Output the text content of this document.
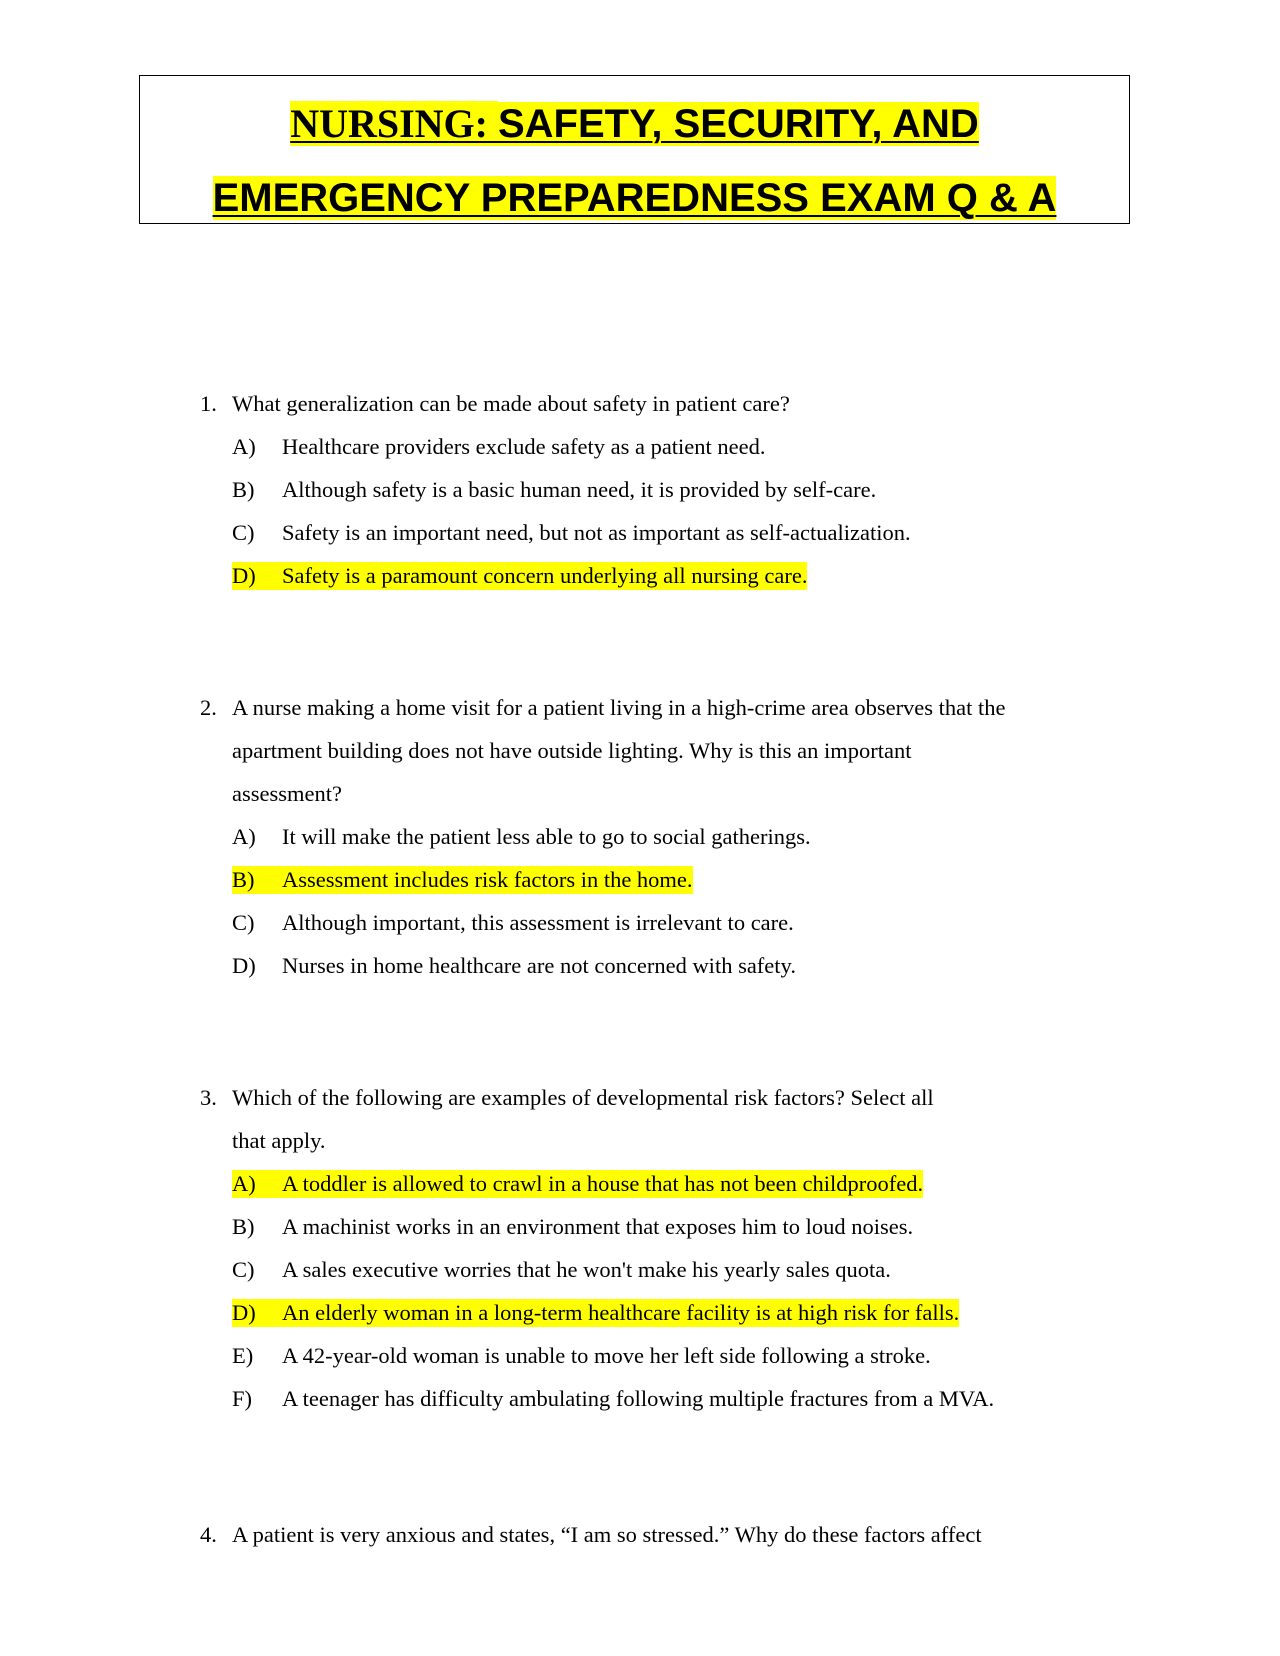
NURSING: SAFETY, SECURITY, AND
EMERGENCY PREPAREDNESS EXAM Q & A
1. What generalization can be made about safety in patient care?
A) Healthcare providers exclude safety as a patient need.
B) Although safety is a basic human need, it is provided by self-care.
C) Safety is an important need, but not as important as self-actualization.
D)	Safety is a paramount concern underlying all nursing care.
2. A nurse making a home visit for a patient living in a high-crime area observes that the
apartment building does not have outside lighting. Why is this an important
assessment?
A) It will make the patient less able to go to social gatherings.
B)	Assessment includes risk factors in the home.
C) Although important, this assessment is irrelevant to care.
D) Nurses in home healthcare are not concerned with safety.
3. Which of the following are examples of developmental risk factors? Select all
that apply.
A)	A toddler is allowed to crawl in a house that has not been childproofed.
B) A machinist works in an environment that exposes him to loud noises.
C) A sales executive worries that he won't make his yearly sales quota.
D)	An elderly woman in a long-term healthcare facility is at high risk for falls.
E) A 42-year-old woman is unable to move her left side following a stroke.
F) A teenager has difficulty ambulating following multiple fractures from a MVA.
4. A patient is very anxious and states, “I am so stressed.” Why do these factors affect
